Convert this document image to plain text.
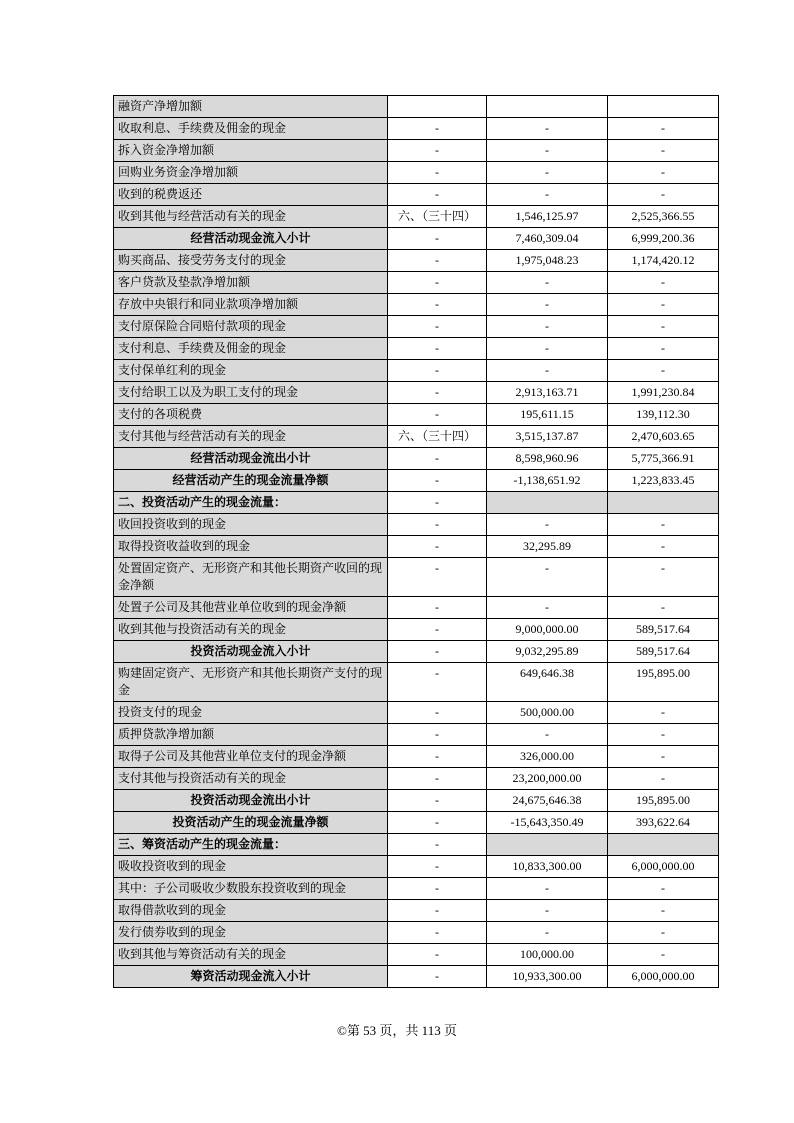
融资产净增加额			
收取利息、手续费及佣金的现金	-	-	-
拆入资金净增加额	-	-	-
回购业务资金净增加额	-	-	-
收到的税费返还	-	-	-
收到其他与经营活动有关的现金	六、（三十四）	1,546,125.97	2,525,366.55
经营活动现金流入小计	-	7,460,309.04	6,999,200.36
购买商品、接受劳务支付的现金	-	1,975,048.23	1,174,420.12
客户贷款及垫款净增加额	-	-	-
存放中央银行和同业款项净增加额	-	-	-
支付原保险合同赔付款项的现金	-	-	-
支付利息、手续费及佣金的现金	-	-	-
支付保单红利的现金	-	-	-
支付给职工以及为职工支付的现金	-	2,913,163.71	1,991,230.84
支付的各项税费	-	195,611.15	139,112.30
支付其他与经营活动有关的现金	六、（三十四）	3,515,137.87	2,470,603.65
经营活动现金流出小计	-	8,598,960.96	5,775,366.91
经营活动产生的现金流量净额	-	-1,138,651.92	1,223,833.45
二、投资活动产生的现金流量：	-		
收回投资收到的现金	-	-	-
取得投资收益收到的现金	-	32,295.89	-
处置固定资产、无形资产和其他长期资产收回的现金净额	-	-	-
处置子公司及其他营业单位收到的现金净额	-	-	-
收到其他与投资活动有关的现金	-	9,000,000.00	589,517.64
投资活动现金流入小计	-	9,032,295.89	589,517.64
购建固定资产、无形资产和其他长期资产支付的现金	-	649,646.38	195,895.00
投资支付的现金	-	500,000.00	-
质押贷款净增加额	-	-	-
取得子公司及其他营业单位支付的现金净额	-	326,000.00	-
支付其他与投资活动有关的现金	-	23,200,000.00	-
投资活动现金流出小计	-	24,675,646.38	195,895.00
投资活动产生的现金流量净额	-	-15,643,350.49	393,622.64
三、筹资活动产生的现金流量：	-		
吸收投资收到的现金	-	10,833,300.00	6,000,000.00
其中：子公司吸收少数股东投资收到的现金	-	-	-
取得借款收到的现金	-	-	-
发行债券收到的现金	-	-	-
收到其他与筹资活动有关的现金	-	100,000.00	-
筹资活动现金流入小计	-	10,933,300.00	6,000,000.00
©第 53 页，共 113 页
